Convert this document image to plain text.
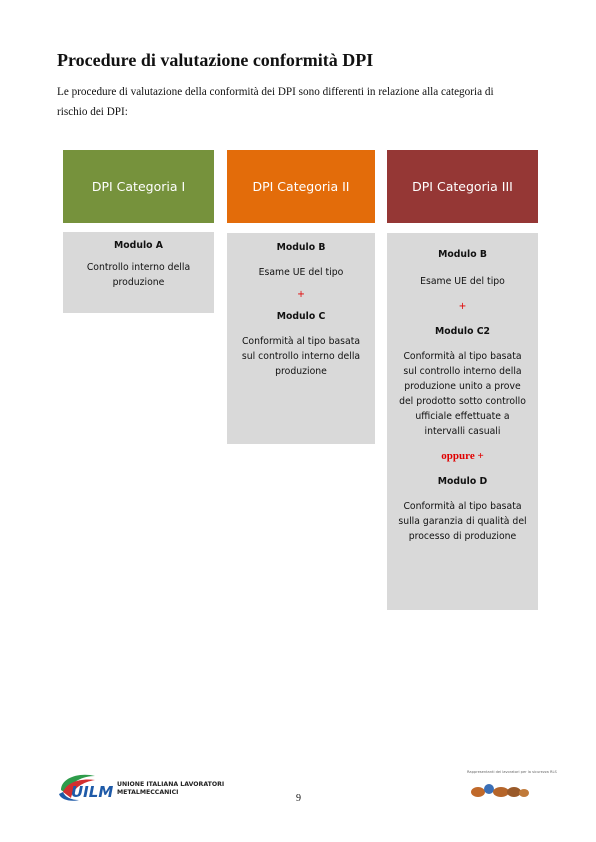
Procedure di valutazione conformità DPI

Le procedure di valutazione della conformità dei DPI sono differenti in relazione alla categoria di
rischio dei DPI:

DPI Categoria I	DPI Categoria II	DPI Categoria III
Modulo A
Controllo interno della
produzione
Modulo B
Esame UE del tipo
+
Modulo C
Conformità al tipo basata
sul controllo interno della
produzione
Modulo B
Esame UE del tipo
+
Modulo C2
Conformità al tipo basata
sul controllo interno della
produzione unito a prove
del prodotto sotto controllo
ufficiale effettuate a
intervalli casuali
oppure +
Modulo D
Conformità al tipo basata
sulla garanzia di qualità del
processo di produzione
UILM UNIONE ITALIANA LAVORATORI
METALMECCANICI
9
Rappresentanti dei lavoratori per la sicurezza RLS
